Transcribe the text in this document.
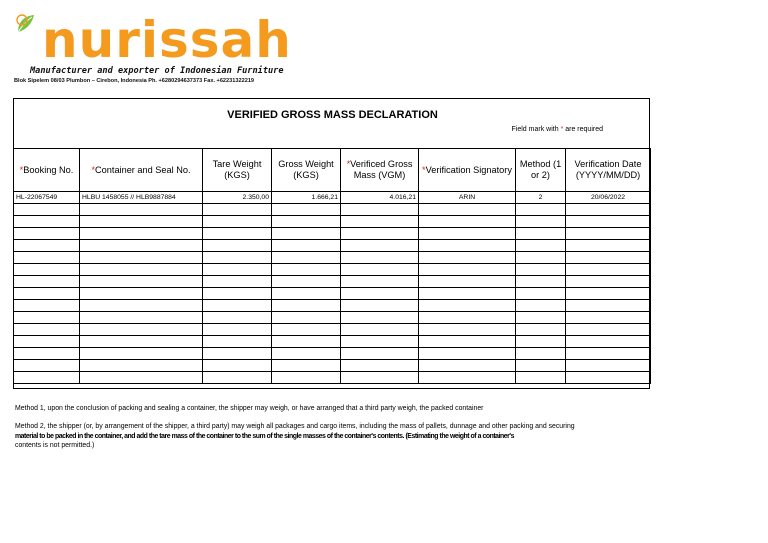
nurissah
Manufacturer and exporter of Indonesian Furniture
Blok Sipelem 08/03 Plumbon – Cirebon, Indonesia Ph. +6280294637373 Fax. +62231322219
VERIFIED GROSS MASS DECLARATION
Field mark with * are required
*Booking No.	*Container and Seal No.	Tare Weight (KGS)	Gross Weight (KGS)	*Verificed Gross Mass (VGM)	*Verification Signatory	Method (1 or 2)	Verification Date (YYYY/MM/DD)
HL-22067549	HLBU 1458055 // HLB9887884	2.350,00	1.666,21	4.016,21	ARIN	2	20/06/2022

Method 1, upon the conclusion of packing and sealing a container, the shipper may weigh, or have arranged that a third party weigh, the packed container

Method 2, the shipper (or, by arrangement of the shipper, a third party) may weigh all packages and cargo items, including the mass of pallets, dunnage and other packing and securing
material to be packed in the container, and add the tare mass of the container to the sum of the single masses of the container's contents. (Estimating the weight of a container's
contents is not permitted.)
